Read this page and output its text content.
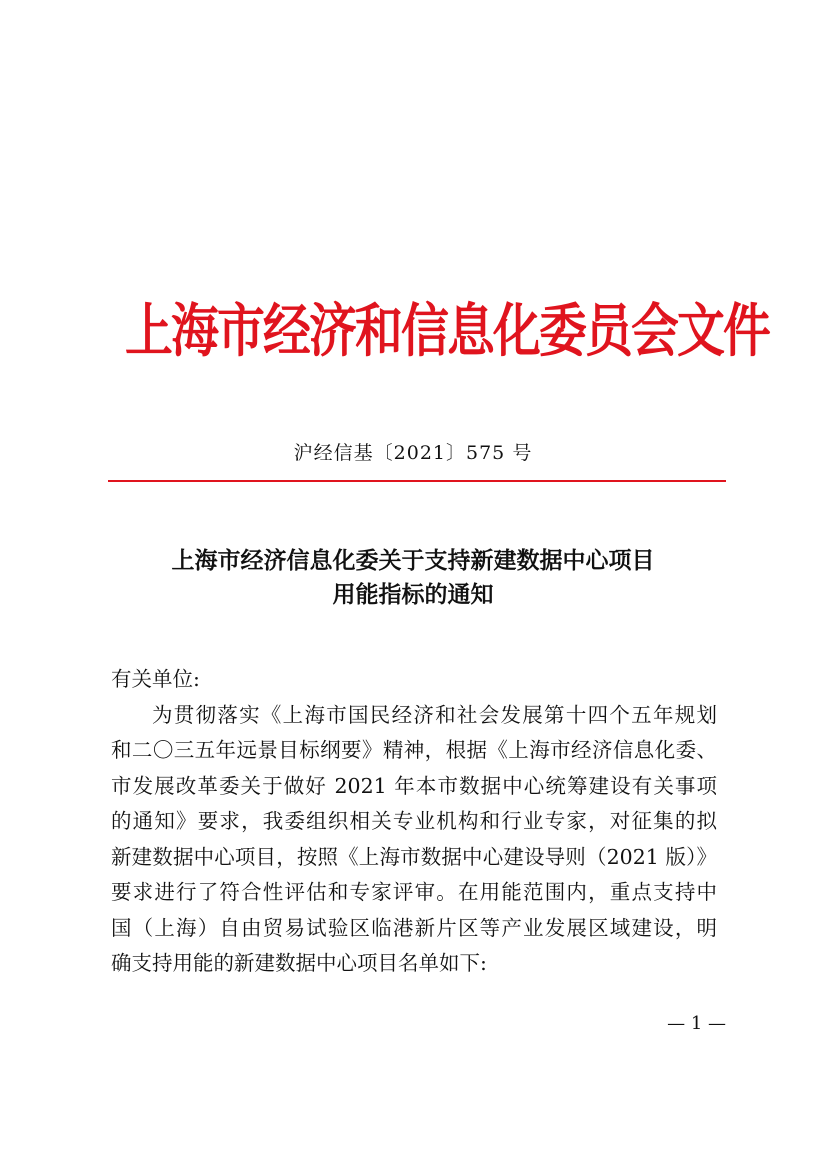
上海市经济和信息化委员会文件
沪经信基〔2021〕575 号
上海市经济信息化委关于支持新建数据中心项目
用能指标的通知

有关单位:

为贯彻落实《上海市国民经济和社会发展第十四个五年规划
和二〇三五年远景目标纲要》精神，根据《上海市经济信息化委、
市发展改革委关于做好 2021 年本市数据中心统筹建设有关事项
的通知》要求，我委组织相关专业机构和行业专家，对征集的拟
新建数据中心项目，按照《上海市数据中心建设导则（2021 版）》
要求进行了符合性评估和专家评审。在用能范围内，重点支持中
国（上海）自由贸易试验区临港新片区等产业发展区域建设，明
确支持用能的新建数据中心项目名单如下:

— 1 —
